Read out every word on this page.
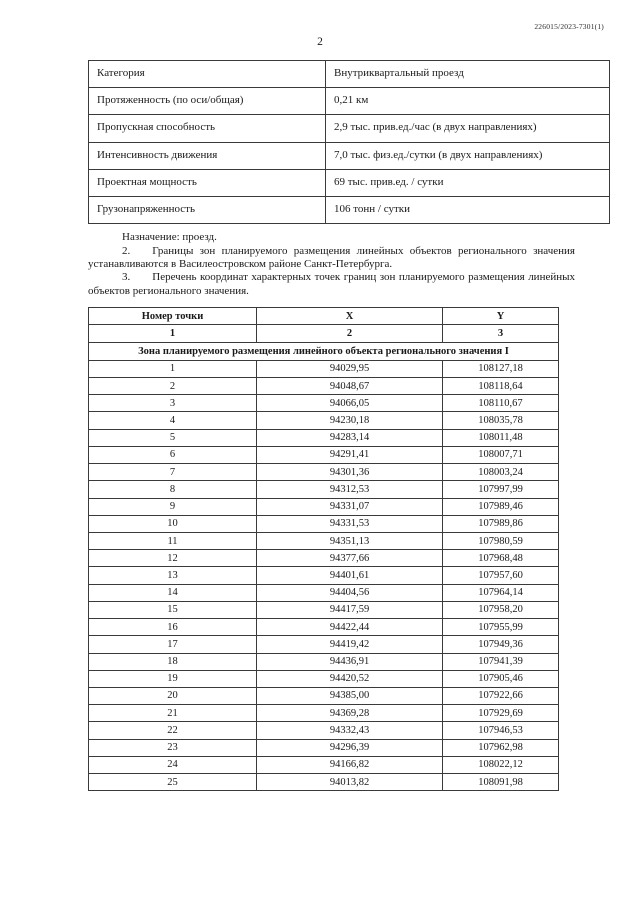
226015/2023-7301(1)
2
Категория	Внутриквартальный проезд
Протяженность (по оси/общая)	0,21 км
Пропускная способность	2,9 тыс. прив.ед./час (в двух направлениях)
Интенсивность движения	7,0 тыс. физ.ед./сутки (в двух направлениях)
Проектная мощность	69 тыс. прив.ед. / сутки
Грузонапряженность	106 тонн / сутки

Назначение: проезд.

2. Границы зон планируемого размещения линейных объектов регионального значения устанавливаются в Василеостровском районе Санкт-Петербурга.

3. Перечень координат характерных точек границ зон планируемого размещения линейных объектов регионального значения.

Номер точки	X	Y
1	2	3
Зона планируемого размещения линейного объекта регионального значения I		
1	94029,95	108127,18
2	94048,67	108118,64
3	94066,05	108110,67
4	94230,18	108035,78
5	94283,14	108011,48
6	94291,41	108007,71
7	94301,36	108003,24
8	94312,53	107997,99
9	94331,07	107989,46
10	94331,53	107989,86
11	94351,13	107980,59
12	94377,66	107968,48
13	94401,61	107957,60
14	94404,56	107964,14
15	94417,59	107958,20
16	94422,44	107955,99
17	94419,42	107949,36
18	94436,91	107941,39
19	94420,52	107905,46
20	94385,00	107922,66
21	94369,28	107929,69
22	94332,43	107946,53
23	94296,39	107962,98
24	94166,82	108022,12
25	94013,82	108091,98
